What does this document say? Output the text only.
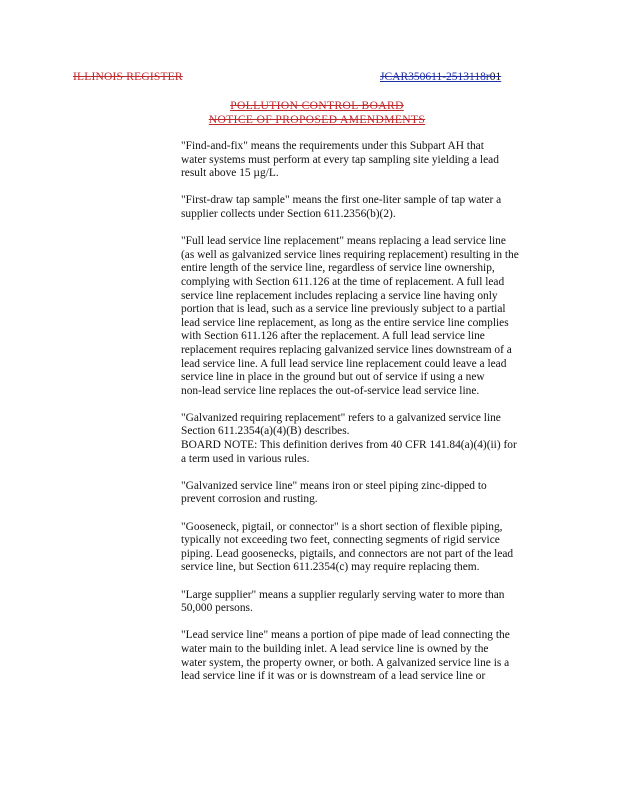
ILLINOIS REGISTER	JCAR350611-2513118r01
POLLUTION CONTROL BOARD
NOTICE OF PROPOSED AMENDMENTS
"Find-and-fix" means the requirements under this Subpart AH that
water systems must perform at every tap sampling site yielding a lead
result above 15 µg/L.
"First-draw tap sample" means the first one-liter sample of tap water a
supplier collects under Section 611.2356(b)(2).
"Full lead service line replacement" means replacing a lead service line
(as well as galvanized service lines requiring replacement) resulting in the
entire length of the service line, regardless of service line ownership,
complying with Section 611.126 at the time of replacement. A full lead
service line replacement includes replacing a service line having only
portion that is lead, such as a service line previously subject to a partial
lead service line replacement, as long as the entire service line complies
with Section 611.126 after the replacement. A full lead service line
replacement requires replacing galvanized service lines downstream of a
lead service line. A full lead service line replacement could leave a lead
service line in place in the ground but out of service if using a new
non-lead service line replaces the out-of-service lead service line.
"Galvanized requiring replacement" refers to a galvanized service line
Section 611.2354(a)(4)(B) describes.
BOARD NOTE: This definition derives from 40 CFR 141.84(a)(4)(ii) for
a term used in various rules.
"Galvanized service line" means iron or steel piping zinc-dipped to
prevent corrosion and rusting.
"Gooseneck, pigtail, or connector" is a short section of flexible piping,
typically not exceeding two feet, connecting segments of rigid service
piping. Lead goosenecks, pigtails, and connectors are not part of the lead
service line, but Section 611.2354(c) may require replacing them.
"Large supplier" means a supplier regularly serving water to more than
50,000 persons.
"Lead service line" means a portion of pipe made of lead connecting the
water main to the building inlet. A lead service line is owned by the
water system, the property owner, or both. A galvanized service line is a
lead service line if it was or is downstream of a lead service line or
